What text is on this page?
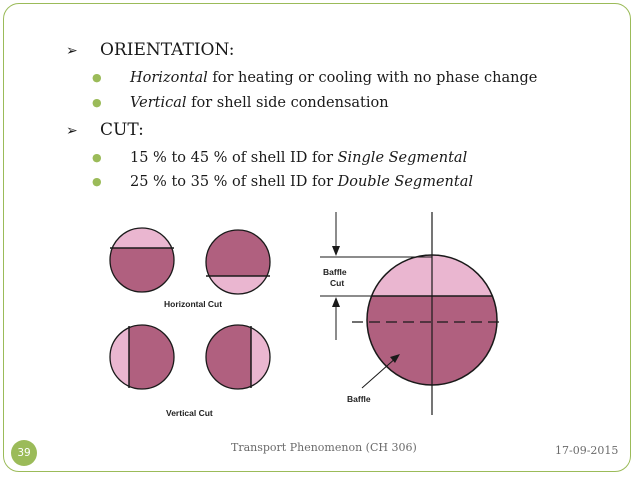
➢	ORIENTATION:
●	Horizontal for heating or cooling with no phase change
●	Vertical for shell side condensation
➢	CUT:
●	15 % to 45 % of shell ID for Single Segmental
●	25 % to 35 % of shell ID for Double Segmental
Horizontal Cut
Vertical Cut
Baffle
Cut
Baffle
39	Transport Phenomenon (CH 306)	17-09-2015
